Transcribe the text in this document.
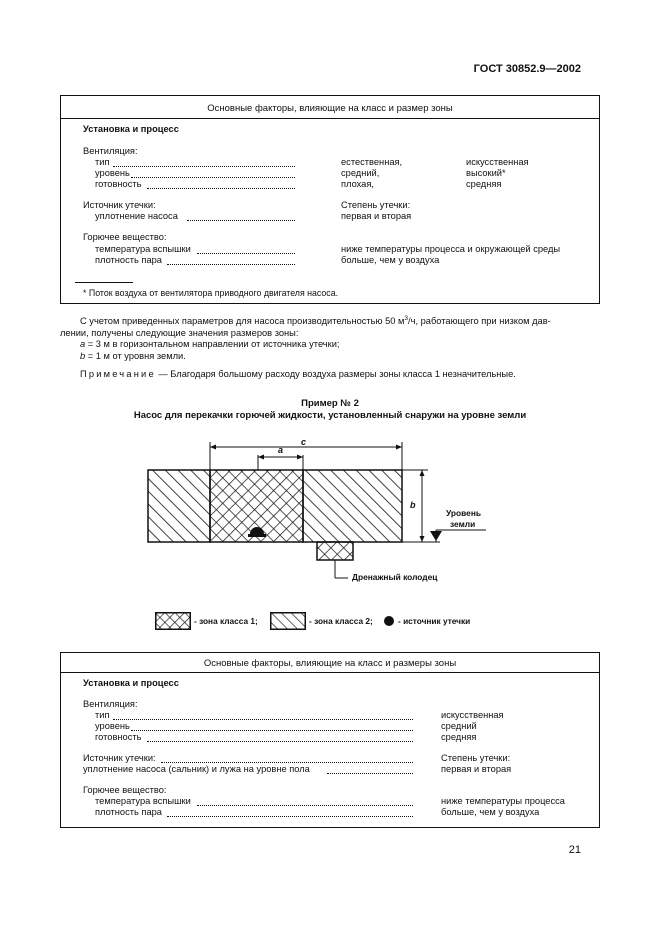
ГОСТ 30852.9—2002
Основные факторы, влияющие на класс и размер зоны
Установка и процесс
Вентиляция:
тип	естественная,	искусственная
уровень	средний,	высокий*
готовность	плохая,	средняя
Источник утечки:	Степень утечки:
уплотнение насоса	первая и вторая
Горючее вещество:
температура вспышки	ниже температуры процесса и окружающей среды
плотность пара	больше, чем у воздуха
* Поток воздуха от вентилятора приводного двигателя насоса.

С учетом приведенных параметров для насоса производительностью 50 $м^3/ч$, работающего при низком дав-

лении, получены следующие значения размеров зоны:

a = 3 м в горизонтальном направлении от источника утечки;

b = 1 м от уровня земли.

Примечание — Благодаря большому расходу воздуха размеры зоны класса 1 незначительные.
Пример № 2
Насос для перекачки горючей жидкости, установленный снаружи на уровне земли
c
a
b
Уровень
земли
Дренажный колодец
- зона класса 1;	- зона класса 2;	- источник утечки
Основные факторы, влияющие на класс и размеры зоны
Установка и процесс
Вентиляция:
тип	искусственная
уровень	средний
готовность	средняя
Источник утечки:	Степень утечки:
уплотнение насоса (сальник) и лужа на уровне пола	первая и вторая
Горючее вещество:
температура вспышки	ниже температуры процесса
плотность пара	больше, чем у воздуха
21
